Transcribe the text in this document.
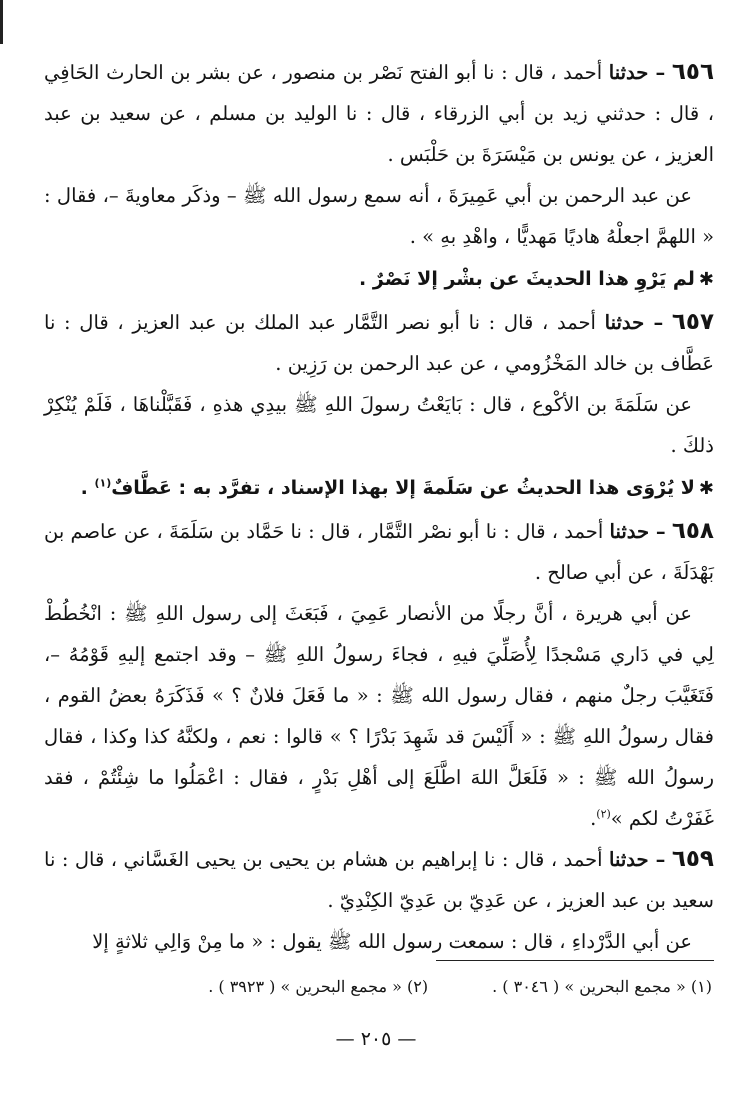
٦٥٦ – حدثنا أحمد ، قال : نا أبو الفتح نَصْر بن منصور ، عن بشر بن الحارث الحَافِي ، قال : حدثني زيد بن أبي الزرقاء ، قال : نا الوليد بن مسلم ، عن سعيد بن عبد العزيز ، عن يونس بن مَيْسَرَةَ بن حَلْبَس .

عن عبد الرحمن بن أبي عَمِيرَةَ ، أنه سمع رسول الله ﷺ – وذكَر معاويةَ –، فقال : « اللهمَّ اجعلْهُ هاديًا مَهديًّا ، واهْدِ بهِ » .

✱لم يَرْوِ هذا الحديثَ عن بشْر إلا نَصْرٌ .

٦٥٧ – حدثنا أحمد ، قال : نا أبو نصر التَّمَّار عبد الملك بن عبد العزيز ، قال : نا عَطَّاف بن خالد المَخْزُومي ، عن عبد الرحمن بن رَزِين .

عن سَلَمَةَ بن الأكْوع ، قال : بَايَعْتُ رسولَ اللهِ ﷺ بيدِي هذهِ ، فَقَبَّلْناهَا ، فَلَمْ يُنْكِرْ ذلكَ .

✱لا يُرْوَى هذا الحديثُ عن سَلَمةَ إلا بهذا الإسناد ، تفرَّد به : عَطَّافٌ$^{(١)}$ .

٦٥٨ – حدثنا أحمد ، قال : نا أبو نصْر التَّمَّار ، قال : نا حَمَّاد بن سَلَمَةَ ، عن عاصم بن بَهْدَلَةَ ، عن أبي صالح .

عن أبي هريرة ، أنَّ رجلًا من الأنصار عَمِيَ ، فَبَعَثَ إلى رسول اللهِ ﷺ : انْخُطُطْ لِي في دَاري مَسْجدًا لِأُصَلِّيَ فيهِ ، فجاءَ رسولُ اللهِ ﷺ – وقد اجتمع إليهِ قَوْمُهُ –، فَتَغَيَّبَ رجلٌ منهم ، فقال رسول الله ﷺ : « ما فَعَلَ فلانٌ ؟ » فَذَكَرَهُ بعضُ القوم ، فقال رسولُ اللهِ ﷺ : « أَلَيْسَ قد شَهِدَ بَدْرًا ؟ » قالوا : نعم ، ولكنَّهُ كذا وكذا ، فقال رسولُ الله ﷺ : « فَلَعَلَّ اللهَ اطَّلَعَ إلى أهْلِ بَدْرٍ ، فقال : اعْمَلُوا ما شِئْتُمْ ، فقد غَفَرْتُ لكم »$^{(٢)}$.

٦٥٩ – حدثنا أحمد ، قال : نا إبراهيم بن هشام بن يحيى بن يحيى الغَسَّاني ، قال : نا سعيد بن عبد العزيز ، عن عَدِيّ بن عَدِيّ الكِنْدِيّ .

عن أبي الدَّرْداءِ ، قال : سمعت رسول الله ﷺ يقول : « ما مِنْ وَالِي ثلاثةٍ إلا

(١) « مجمع البحرين » ( ٣٠٤٦ ) .
(٢) « مجمع البحرين » ( ٣٩٢٣ ) .
— ٢٠٥ —
